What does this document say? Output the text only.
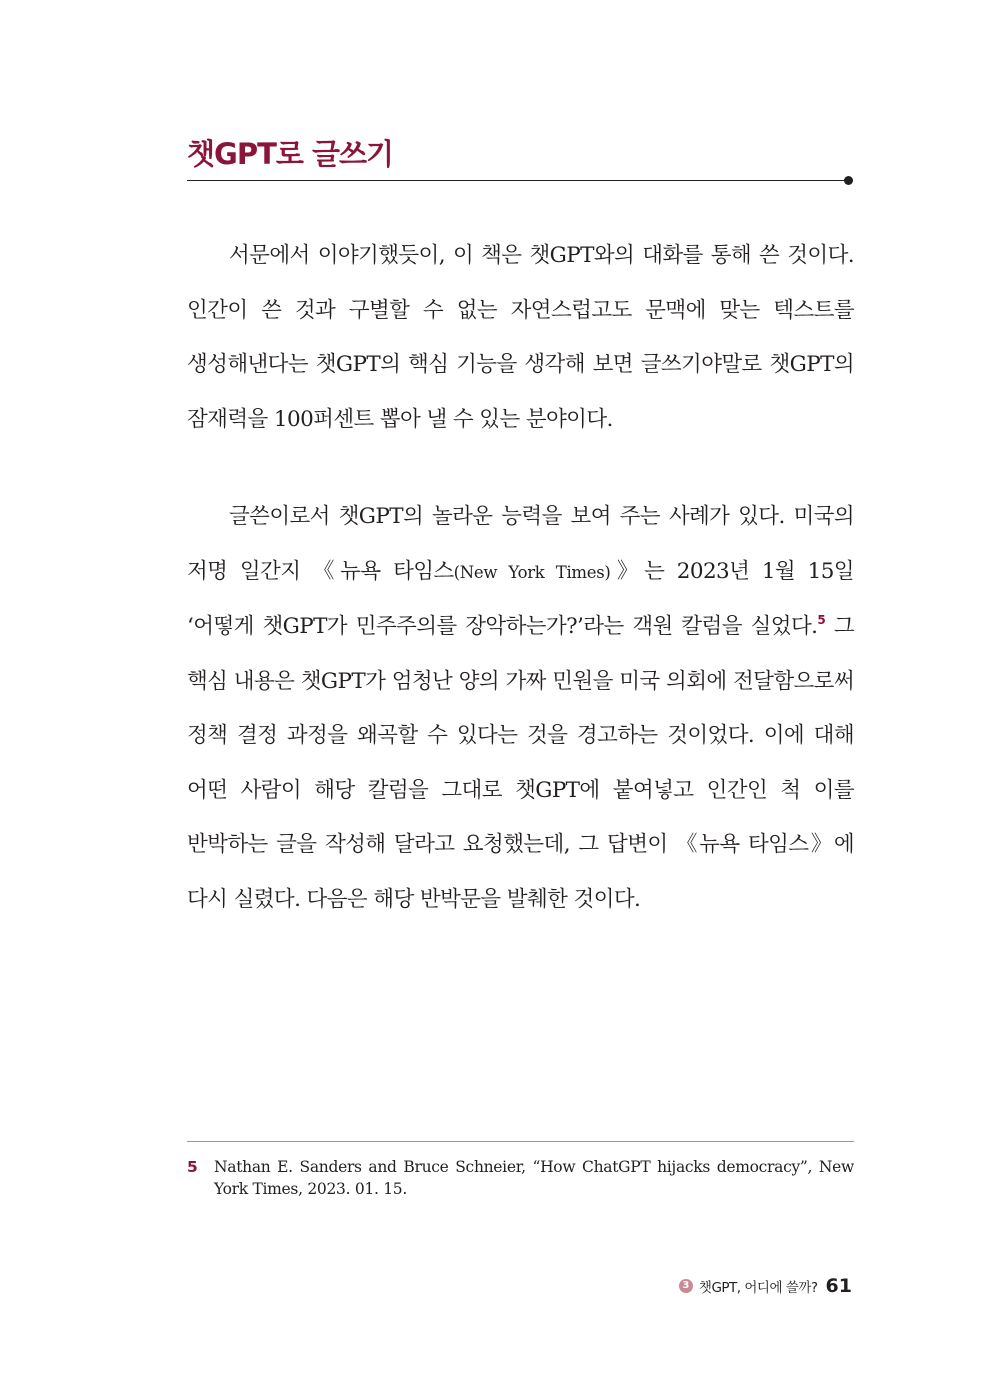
챗GPT로 글쓰기

서문에서 이야기했듯이, 이 책은 챗GPT와의 대화를 통해 쓴 것이다. 인간이 쓴 것과 구별할 수 없는 자연스럽고도 문맥에 맞는 텍스트를 생성해낸다는 챗GPT의 핵심 기능을 생각해 보면 글쓰기야말로 챗GPT의 잠재력을 100퍼센트 뽑아 낼 수 있는 분야이다.

글쓴이로서 챗GPT의 놀라운 능력을 보여 주는 사례가 있다. 미국의 저명 일간지 《뉴욕 타임스(New York Times)》는 2023년 1월 15일 ‘어떻게 챗GPT가 민주주의를 장악하는가?’라는 객원 칼럼을 실었다.$^5$ 그 핵심 내용은 챗GPT가 엄청난 양의 가짜 민원을 미국 의회에 전달함으로써 정책 결정 과정을 왜곡할 수 있다는 것을 경고하는 것이었다. 이에 대해 어떤 사람이 해당 칼럼을 그대로 챗GPT에 붙여넣고 인간인 척 이를 반박하는 글을 작성해 달라고 요청했는데, 그 답변이 《뉴욕 타임스》에 다시 실렸다. 다음은 해당 반박문을 발췌한 것이다.

5 Nathan E. Sanders and Bruce Schneier, “How ChatGPT hijacks democracy”, New York Times, 2023. 01. 15.
3 챗GPT, 어디에 쓸까? 61
